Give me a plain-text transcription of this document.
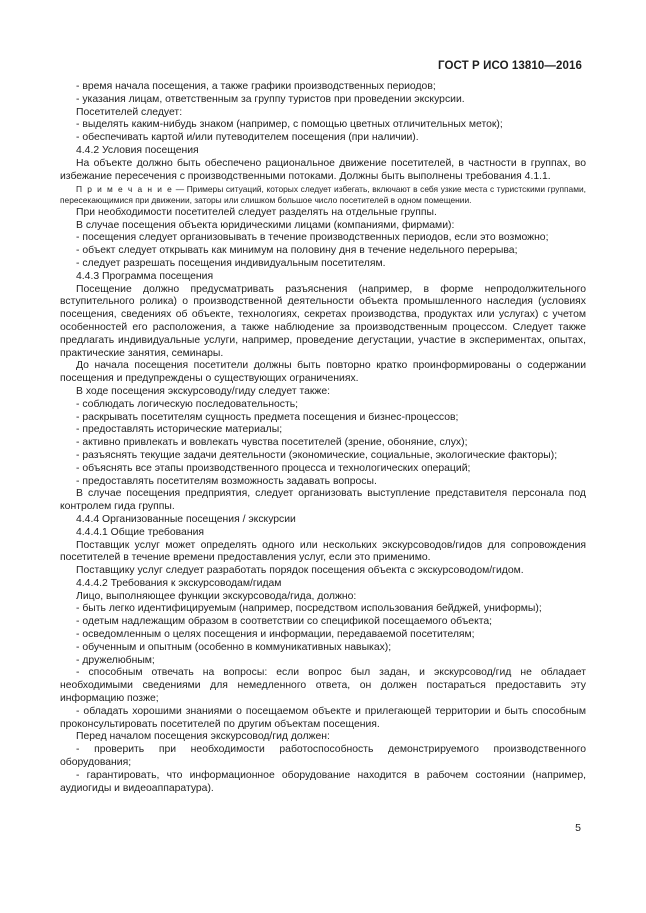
ГОСТ Р ИСО 13810—2016

- время начала посещения, а также графики производственных периодов;

- указания лицам, ответственным за группу туристов при проведении экскурсии.

Посетителей следует:

- выделять каким-нибудь знаком (например, с помощью цветных отличительных меток);

- обеспечивать картой и/или путеводителем посещения (при наличии).

4.4.2 Условия посещения

На объекте должно быть обеспечено рациональное движение посетителей, в частности в группах, во избежание пересечения с производственными потоками. Должны быть выполнены требования 4.1.1.

П р и м е ч а н и е — Примеры ситуаций, которых следует избегать, включают в себя узкие места с туристскими группами, пересекающимися при движении, заторы или слишком большое число посетителей в одном помещении.

При необходимости посетителей следует разделять на отдельные группы.

В случае посещения объекта юридическими лицами (компаниями, фирмами):

- посещения следует организовывать в течение производственных периодов, если это возможно;

- объект следует открывать как минимум на половину дня в течение недельного перерыва;

- следует разрешать посещения индивидуальным посетителям.

4.4.3 Программа посещения

Посещение должно предусматривать разъяснения (например, в форме непродолжительного вступительного ролика) о производственной деятельности объекта промышленного наследия (условиях посещения, сведениях об объекте, технологиях, секретах производства, продуктах или услугах) с учетом особенностей его расположения, а также наблюдение за производственным процессом. Следует также предлагать индивидуальные услуги, например, проведение дегустации, участие в экспериментах, опытах, практические занятия, семинары.

До начала посещения посетители должны быть повторно кратко проинформированы о содержании посещения и предупреждены о существующих ограничениях.

В ходе посещения экскурсоводу/гиду следует также:

- соблюдать логическую последовательность;

- раскрывать посетителям сущность предмета посещения и бизнес-процессов;

- предоставлять исторические материалы;

- активно привлекать и вовлекать чувства посетителей (зрение, обоняние, слух);

- разъяснять текущие задачи деятельности (экономические, социальные, экологические факторы);

- объяснять все этапы производственного процесса и технологических операций;

- предоставлять посетителям возможность задавать вопросы.

В случае посещения предприятия, следует организовать выступление представителя персонала под контролем гида группы.

4.4.4 Организованные посещения / экскурсии

4.4.4.1 Общие требования

Поставщик услуг может определять одного или нескольких экскурсоводов/гидов для сопровождения посетителей в течение времени предоставления услуг, если это применимо.

Поставщику услуг следует разработать порядок посещения объекта с экскурсоводом/гидом.

4.4.4.2 Требования к экскурсоводам/гидам

Лицо, выполняющее функции экскурсовода/гида, должно:

- быть легко идентифицируемым (например, посредством использования бейджей, униформы);

- одетым надлежащим образом в соответствии со спецификой посещаемого объекта;

- осведомленным о целях посещения и информации, передаваемой посетителям;

- обученным и опытным (особенно в коммуникативных навыках);

- дружелюбным;

- способным отвечать на вопросы: если вопрос был задан, и экскурсовод/гид не обладает необходимыми сведениями для немедленного ответа, он должен постараться предоставить эту информацию позже;

- обладать хорошими знаниями о посещаемом объекте и прилегающей территории и быть способным проконсультировать посетителей по другим объектам посещения.

Перед началом посещения экскурсовод/гид должен:

- проверить при необходимости работоспособность демонстрируемого производственного оборудования;

- гарантировать, что информационное оборудование находится в рабочем состоянии (например, аудиогиды и видеоаппаратура).

5
